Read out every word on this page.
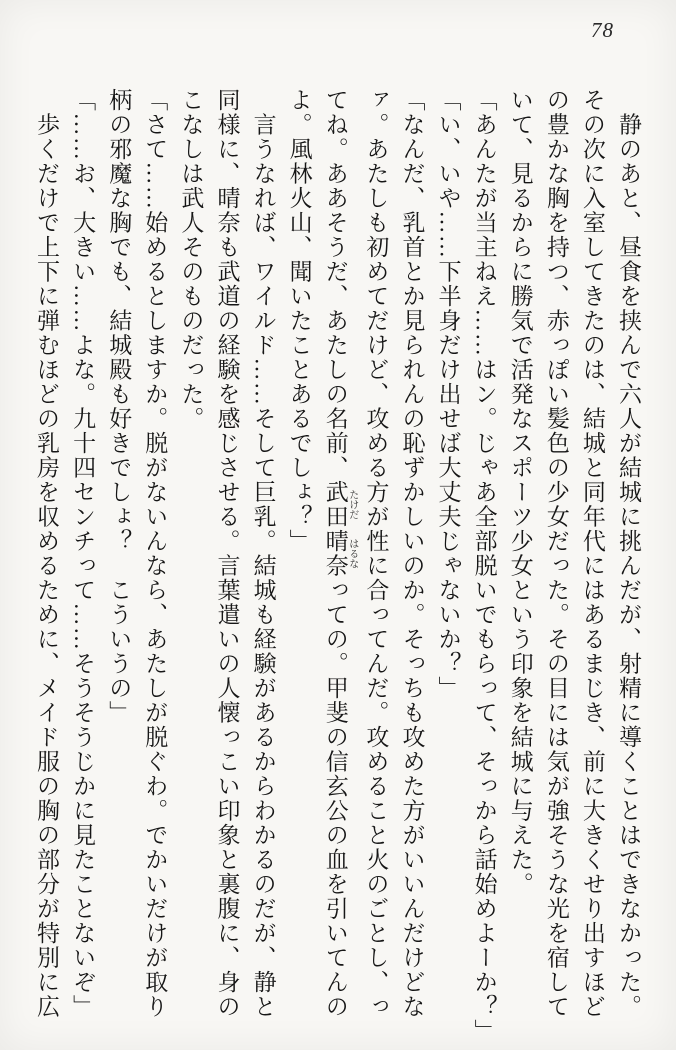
78
　静のあと、昼食を挟んで六人が結城に挑んだが、射精に導くことはできなかった。
その次に入室してきたのは、結城と同年代にはあるまじき、前に大きくせり出すほど
の豊かな胸を持つ、赤っぽい髪色の少女だった。その目には気が強そうな光を宿して
いて、見るからに勝気で活発なスポーツ少女という印象を結城に与えた。
「あんたが当主ねえ……はン。じゃあ全部脱いでもらって、そっから話始めよーか？」
「い、いや……下半身だけ出せば大丈夫じゃないか？」
「なんだ、乳首とか見られんの恥ずかしいのか。そっちも攻めた方がいいんだけどな
ァ。あたしも初めてだけど、攻める方が性に合ってんだ。攻めること火のごとし、っ
てね。ああそうだ、あたしの名前、武田 たけだ晴奈 はるなっての。甲斐の信玄公の血を引いてんの
よ。風林火山、聞いたことあるでしょ？」
　言うなれば、ワイルド……そして巨乳。結城も経験があるからわかるのだが、静と
同様に、晴奈も武道の経験を感じさせる。言葉遣いの人懐っこい印象と裏腹に、身の
こなしは武人そのものだった。
「さて……始めるとしますか。脱がないんなら、あたしが脱ぐわ。でかいだけが取り
柄の邪魔な胸でも、結城殿も好きでしょ？　こういうの」
「……お、大きい……よな。九十四センチって……そうそうじかに見たことないぞ」
　歩くだけで上下に弾むほどの乳房を収めるために、メイド服の胸の部分が特別に広
